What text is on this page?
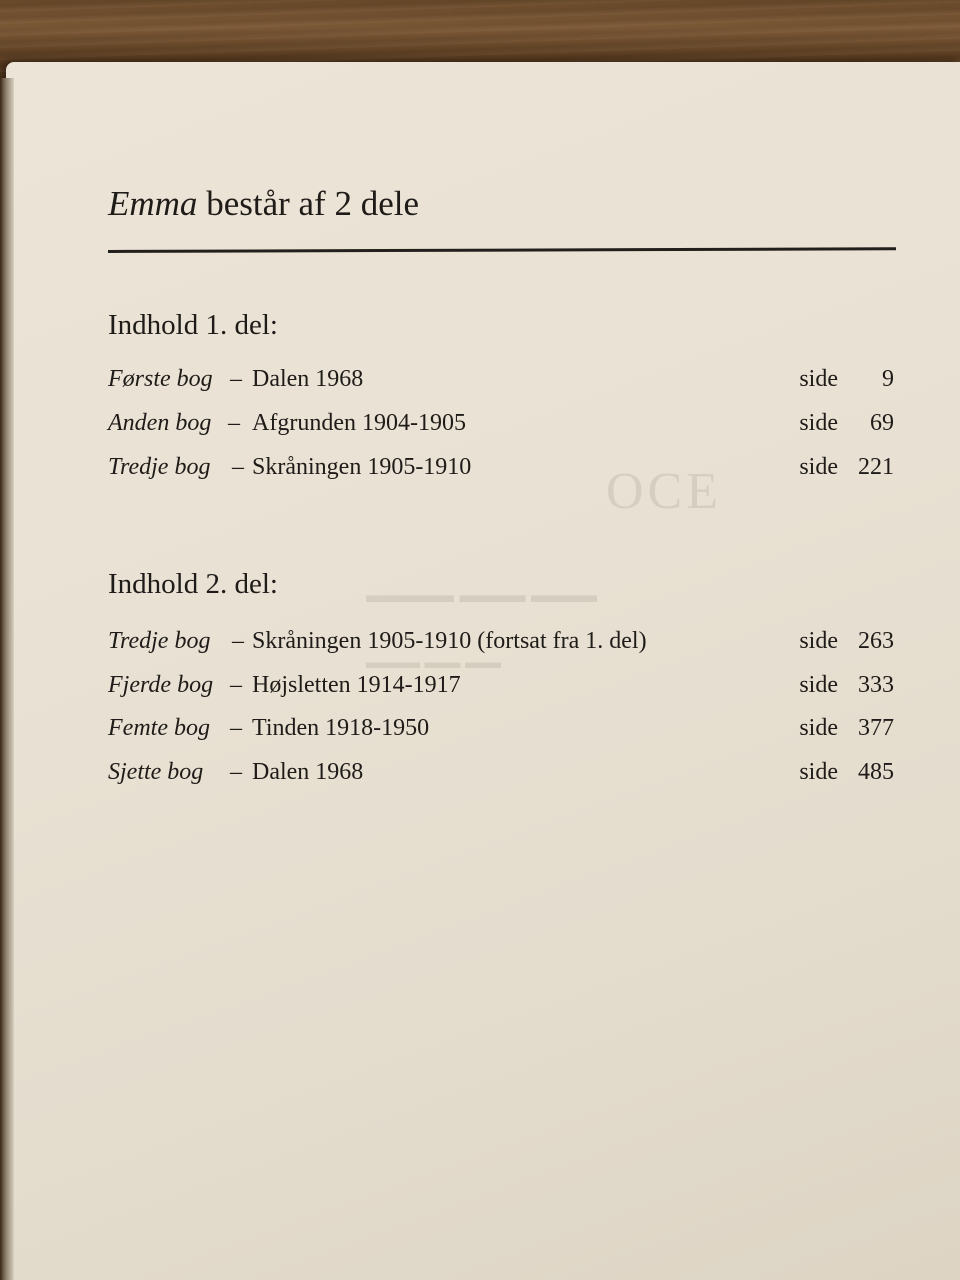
OCE
▬▬▬▬ ▬▬▬ ▬▬▬
▬▬▬ ▬▬ ▬▬
Emma består af 2 dele
Indhold 1. del:
Første bog – Dalen 1968	side 9
Anden bog – Afgrunden 1904-1905	side 69
Tredje bog – Skråningen 1905-1910	side 221
Indhold 2. del:
Tredje bog – Skråningen 1905-1910 (fortsat fra 1. del)	side 263
Fjerde bog – Højsletten 1914-1917	side 333
Femte bog – Tinden 1918-1950	side 377
Sjette bog – Dalen 1968	side 485
